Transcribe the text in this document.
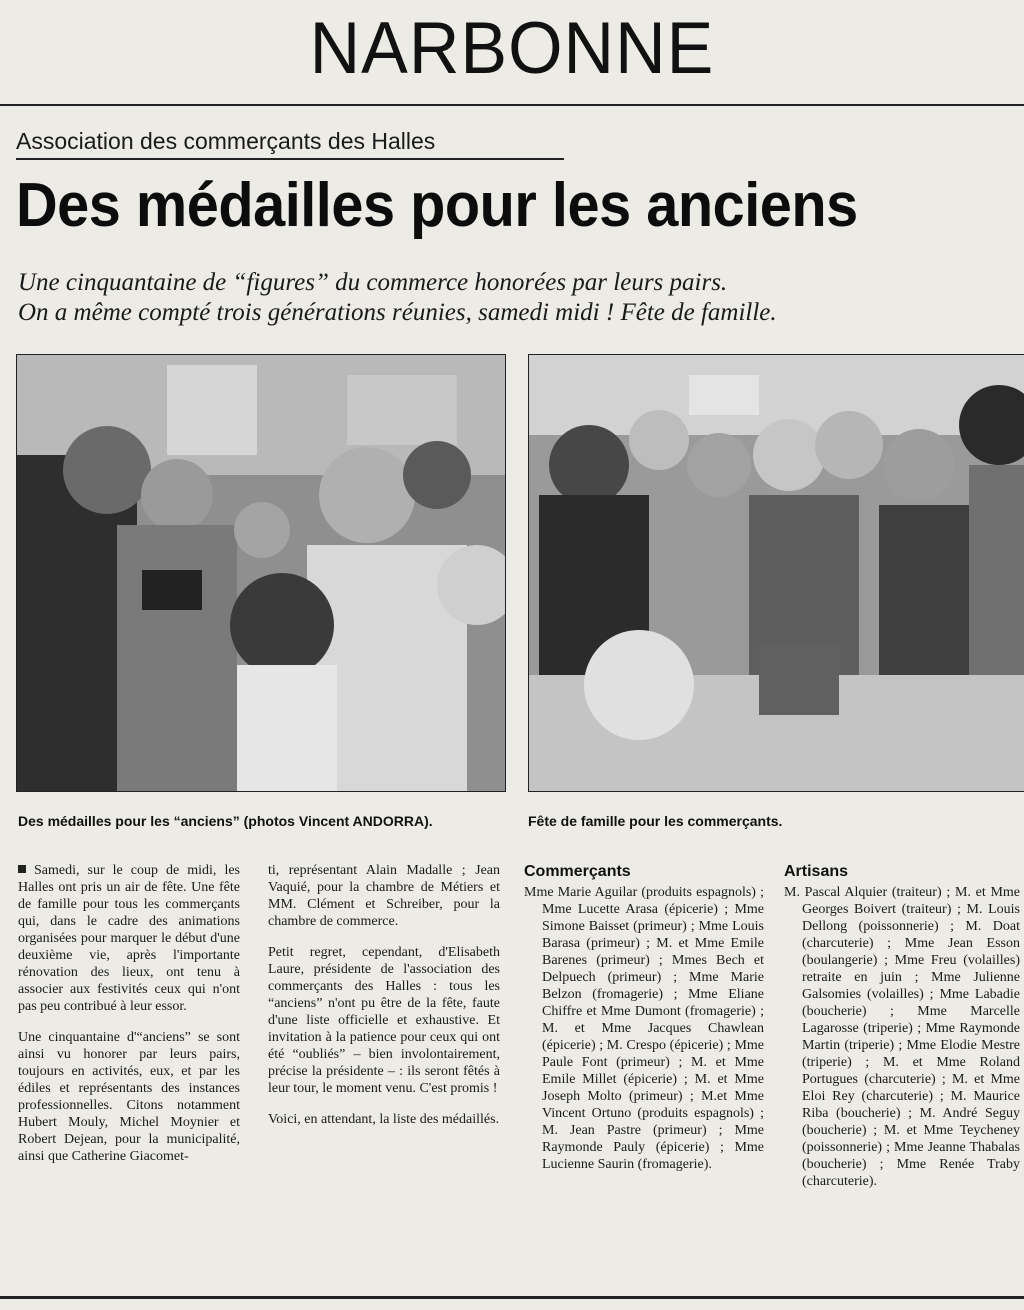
NARBONNE
Association des commerçants des Halles
Des médailles pour les anciens
Une cinquantaine de “figures” du commerce honorées par leurs pairs.
On a même compté trois générations réunies, samedi midi ! Fête de famille.
Des médailles pour les “anciens” (photos Vincent ANDORRA).	Fête de famille pour les commerçants.

Samedi, sur le coup de midi, les Halles ont pris un air de fête. Une fête de famille pour tous les commerçants qui, dans le cadre des animations organisées pour marquer le début d'une deuxième vie, après l'importante rénovation des lieux, ont tenu à associer aux festivités ceux qui n'ont pas peu contribué à leur essor.

Une cinquantaine d'“anciens” se sont ainsi vu honorer par leurs pairs, toujours en activités, eux, et par les édiles et représentants des instances professionnelles. Citons notamment Hubert Mouly, Michel Moynier et Robert Dejean, pour la municipalité, ainsi que Catherine Giacomet-

ti, représentant Alain Madalle ; Jean Vaquié, pour la chambre de Métiers et MM. Clément et Schreiber, pour la chambre de commerce.

Petit regret, cependant, d'Elisabeth Laure, présidente de l'association des commerçants des Halles : tous les “anciens” n'ont pu être de la fête, faute d'une liste officielle et exhaustive. Et invitation à la patience pour ceux qui ont été “oubliés” – bien involontairement, précise la présidente – : ils seront fêtés à leur tour, le moment venu. C'est promis !

Voici, en attendant, la liste des médaillés.

Commerçants
Mme Marie Aguilar (produits espagnols) ; Mme Lucette Arasa (épicerie) ; Mme Simone Baisset (primeur) ; Mme Louis Barasa (primeur) ; M. et Mme Emile Barenes (primeur) ; Mmes Bech et Delpuech (primeur) ; Mme Marie Belzon (fromagerie) ; Mme Eliane Chiffre et Mme Dumont (fromagerie) ; M. et Mme Jacques Chawlean (épicerie) ; M. Crespo (épicerie) ; Mme Paule Font (primeur) ; M. et Mme Emile Millet (épicerie) ; M. et Mme Joseph Molto (primeur) ; M.et Mme Vincent Ortuno (produits espagnols) ; M. Jean Pastre (primeur) ; Mme Raymonde Pauly (épicerie) ; Mme Lucienne Saurin (fromagerie).
Artisans
M. Pascal Alquier (traiteur) ; M. et Mme Georges Boivert (traiteur) ; M. Louis Dellong (poissonnerie) ; M. Doat (charcuterie) ; Mme Jean Esson (boulangerie) ; Mme Freu (volailles) retraite en juin ; Mme Julienne Galsomies (volailles) ; Mme Labadie (boucherie) ; Mme Marcelle Lagarosse (triperie) ; Mme Raymonde Martin (triperie) ; Mme Elodie Mestre (triperie) ; M. et Mme Roland Portugues (charcuterie) ; M. et Mme Eloi Rey (charcuterie) ; M. Maurice Riba (boucherie) ; M. André Seguy (boucherie) ; M. et Mme Teycheney (poissonnerie) ; Mme Jeanne Thabalas (boucherie) ; Mme Renée Traby (charcuterie).
